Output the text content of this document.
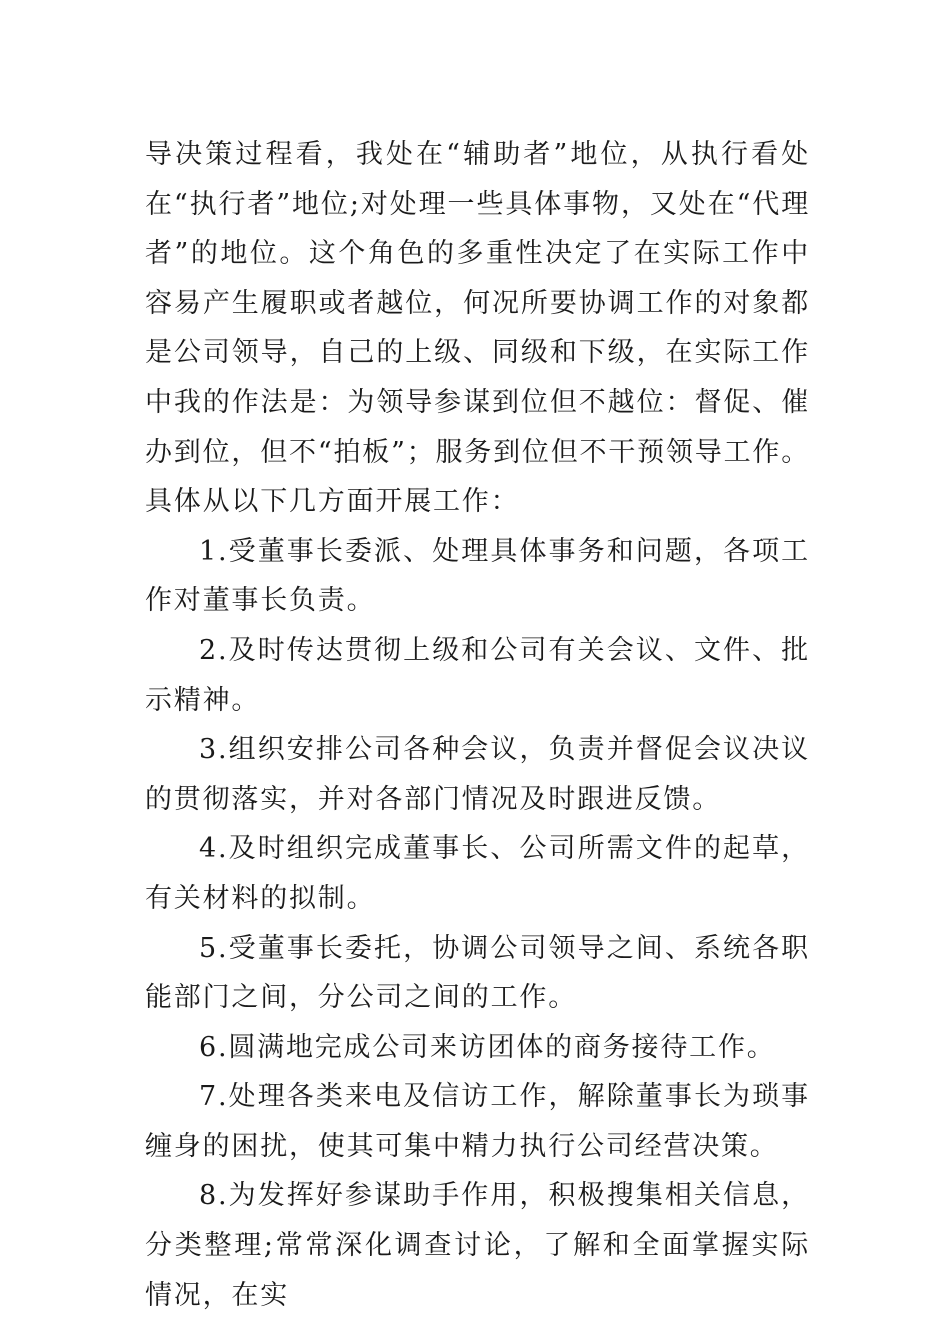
导决策过程看，我处在“辅助者”地位，从执行看处在“执行者”地位;对处理一些具体事物，又处在“代理者”的地位。这个角色的多重性决定了在实际工作中容易产生履职或者越位，何况所要协调工作的对象都是公司领导，自己的上级、同级和下级，在实际工作中我的作法是：为领导参谋到位但不越位：督促、催办到位，但不“拍板”；服务到位但不干预领导工作。具体从以下几方面开展工作：

1.受董事长委派、处理具体事务和问题，各项工作对董事长负责。

2.及时传达贯彻上级和公司有关会议、文件、批示精神。

3.组织安排公司各种会议，负责并督促会议决议的贯彻落实，并对各部门情况及时跟进反馈。

4.及时组织完成董事长、公司所需文件的起草，有关材料的拟制。

5.受董事长委托，协调公司领导之间、系统各职能部门之间，分公司之间的工作。

6.圆满地完成公司来访团体的商务接待工作。

7.处理各类来电及信访工作，解除董事长为琐事缠身的困扰，使其可集中精力执行公司经营决策。

8.为发挥好参谋助手作用，积极搜集相关信息，分类整理;常常深化调查讨论，了解和全面掌握实际情况，在实
